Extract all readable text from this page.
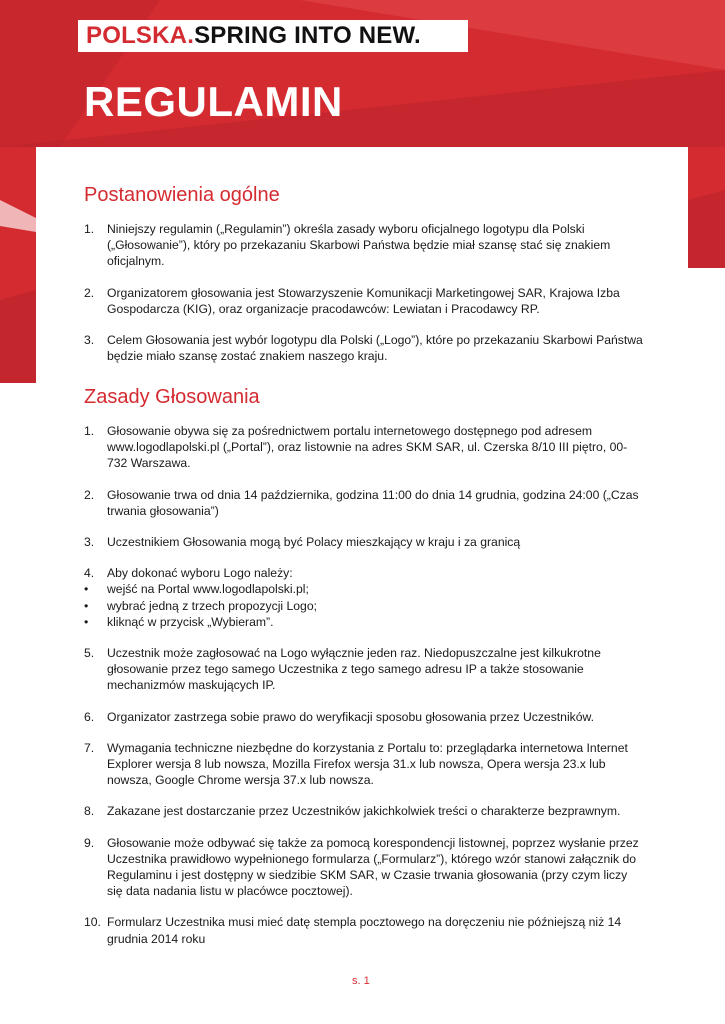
POLSKA.SPRING INTO NEW.
REGULAMIN
Postanowienia ogólne
1. Niniejszy regulamin („Regulamin”) określa zasady wyboru oficjalnego logotypu dla Polski („Głosowanie”), który po przekazaniu Skarbowi Państwa będzie miał szansę stać się znakiem oficjalnym.
2. Organizatorem głosowania jest Stowarzyszenie Komunikacji Marketingowej SAR, Krajowa Izba Gospodarcza (KIG), oraz organizacje pracodawców: Lewiatan i Pracodawcy RP.
3. Celem Głosowania jest wybór logotypu dla Polski („Logo”), które po przekazaniu Skarbowi Państwa będzie miało szansę zostać znakiem naszego kraju.
Zasady Głosowania
1. Głosowanie obywa się za pośrednictwem portalu internetowego dostępnego pod adresem www.logodlapolski.pl („Portal”), oraz listownie na adres SKM SAR, ul. Czerska 8/10 III piętro, 00-732 Warszawa.
2. Głosowanie trwa od dnia 14 października, godzina 11:00 do dnia 14 grudnia, godzina 24:00 („Czas trwania głosowania”)
3. Uczestnikiem Głosowania mogą być Polacy mieszkający w kraju i za granicą
4. Aby dokonać wyboru Logo należy:
• wejść na Portal www.logodlapolski.pl;
• wybrać jedną z trzech propozycji Logo;
• kliknąć w przycisk „Wybieram”.
5. Uczestnik może zagłosować na Logo wyłącznie jeden raz. Niedopuszczalne jest kilkukrotne głosowanie przez tego samego Uczestnika z tego samego adresu IP a także stosowanie mechanizmów maskujących IP.
6. Organizator zastrzega sobie prawo do weryfikacji sposobu głosowania przez Uczestników.
7. Wymagania techniczne niezbędne do korzystania z Portalu to: przeglądarka internetowa Internet Explorer wersja 8 lub nowsza, Mozilla Firefox wersja 31.x lub nowsza, Opera wersja 23.x lub nowsza, Google Chrome wersja 37.x lub nowsza.
8. Zakazane jest dostarczanie przez Uczestników jakichkolwiek treści o charakterze bezprawnym.
9. Głosowanie może odbywać się także za pomocą korespondencji listownej, poprzez wysłanie przez Uczestnika prawidłowo wypełnionego formularza („Formularz”), którego wzór stanowi załącznik do Regulaminu i jest dostępny w siedzibie SKM SAR, w Czasie trwania głosowania (przy czym liczy się data nadania listu w placówce pocztowej).
10. Formularz Uczestnika musi mieć datę stempla pocztowego na doręczeniu nie późniejszą niż 14 grudnia 2014 roku
s. 1
